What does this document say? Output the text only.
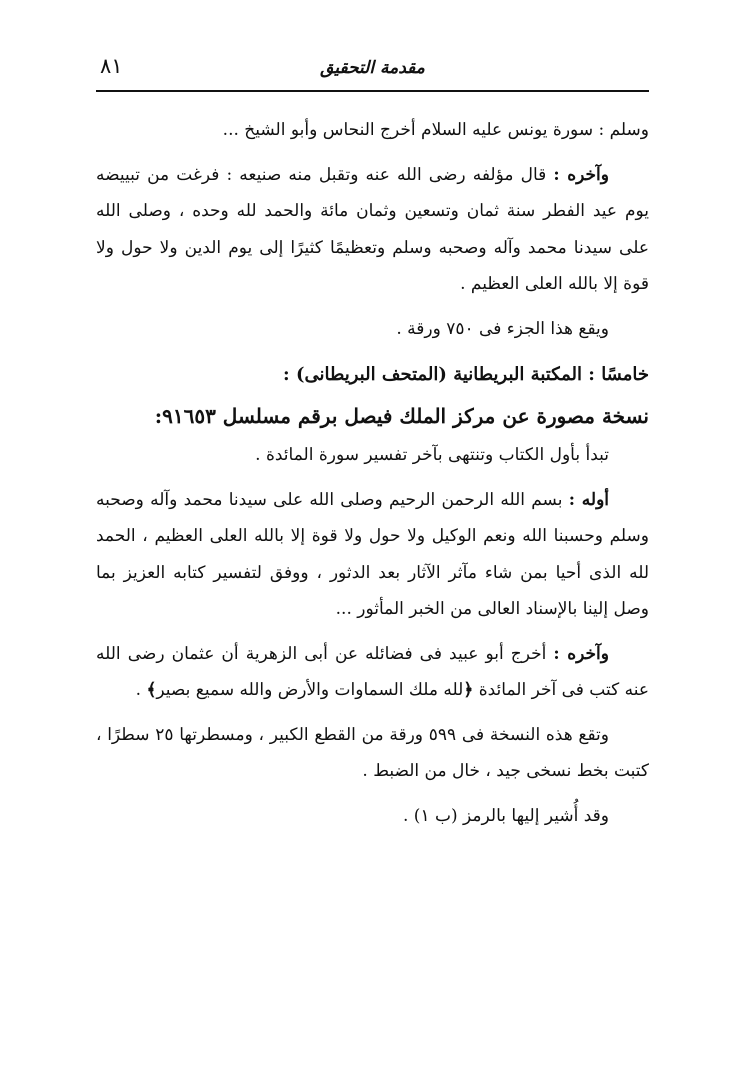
مقدمة التحقيق
٨١

وسلم : سورة يونس عليه السلام أخرج النحاس وأبو الشيخ ...

وآخره : قال مؤلفه رضى الله عنه وتقبل منه صنيعه : فرغت من تبييضه يوم عيد الفطر سنة ثمان وتسعين وثمان مائة والحمد لله وحده ، وصلى الله على سيدنا محمد وآله وصحبه وسلم وتعظيمًا كثيرًا إلى يوم الدين ولا حول ولا قوة إلا بالله العلى العظيم .

ويقع هذا الجزء فى ٧٥٠ ورقة .

خامسًا : المكتبة البريطانية (المتحف البريطانى) :

نسخة مصورة عن مركز الملك فيصل برقم مسلسل ٩١٦٥٣:

تبدأ بأول الكتاب وتنتهى بآخر تفسير سورة المائدة .

أوله : بسم الله الرحمن الرحيم وصلى الله على سيدنا محمد وآله وصحبه وسلم وحسبنا الله ونعم الوكيل ولا حول ولا قوة إلا بالله العلى العظيم ، الحمد لله الذى أحيا بمن شاء مآثر الآثار بعد الدثور ، ووفق لتفسير كتابه العزيز بما وصل إلينا بالإسناد العالى من الخبر المأثور ...

وآخره : أخرج أبو عبيد فى فضائله عن أبى الزهرية أن عثمان رضى الله عنه كتب فى آخر المائدة ﴿لله ملك السماوات والأرض والله سميع بصير﴾ .

وتقع هذه النسخة فى ٥٩٩ ورقة من القطع الكبير ، ومسطرتها ٢٥ سطرًا ، كتبت بخط نسخى جيد ، خال من الضبط .

وقد أُشير إليها بالرمز (ب ١) .
